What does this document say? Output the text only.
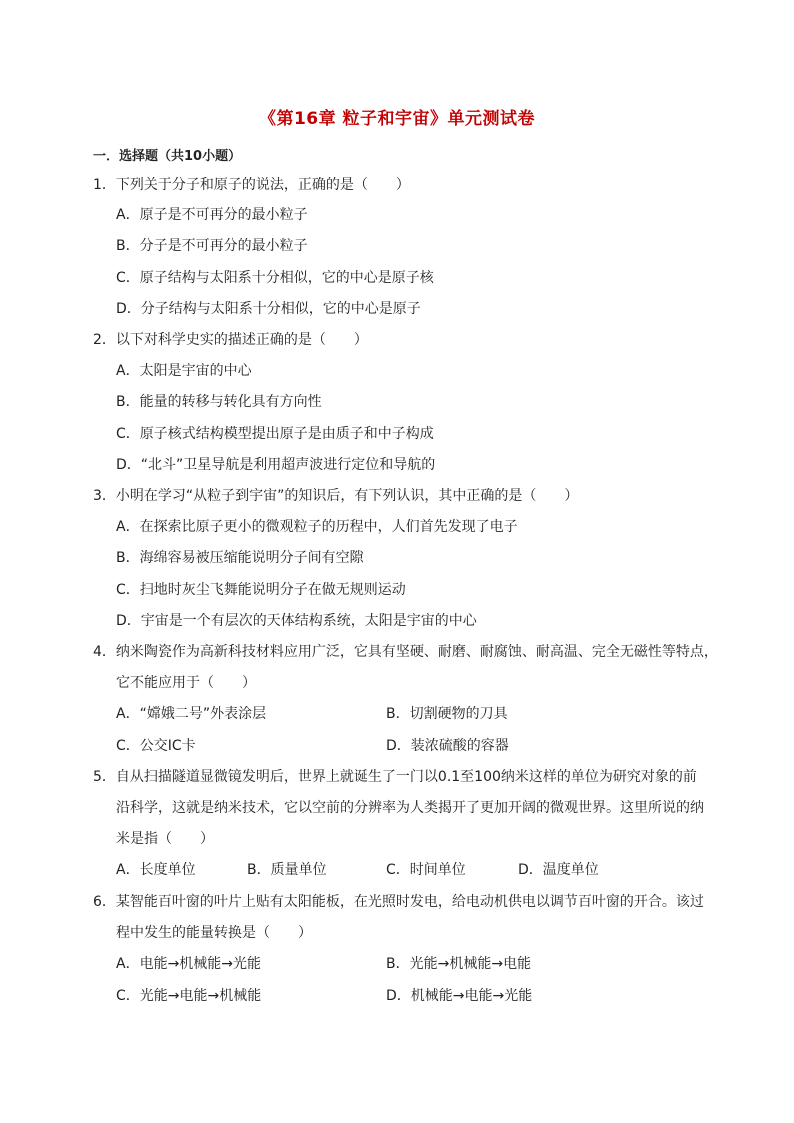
《第16章 粒子和宇宙》单元测试卷
一．选择题（共10小题）
1．下列关于分子和原子的说法，正确的是（　　）
A．原子是不可再分的最小粒子
B．分子是不可再分的最小粒子
C．原子结构与太阳系十分相似，它的中心是原子核
D．分子结构与太阳系十分相似，它的中心是原子
2．以下对科学史实的描述正确的是（　　）
A．太阳是宇宙的中心
B．能量的转移与转化具有方向性
C．原子核式结构模型提出原子是由质子和中子构成
D．“北斗”卫星导航是利用超声波进行定位和导航的
3．小明在学习“从粒子到宇宙”的知识后，有下列认识，其中正确的是（　　）
A．在探索比原子更小的微观粒子的历程中，人们首先发现了电子
B．海绵容易被压缩能说明分子间有空隙
C．扫地时灰尘飞舞能说明分子在做无规则运动
D．宇宙是一个有层次的天体结构系统，太阳是宇宙的中心
4．纳米陶瓷作为高新科技材料应用广泛，它具有坚硬、耐磨、耐腐蚀、耐高温、完全无磁性等特点，
它不能应用于（　　）
A．“嫦娥二号”外表涂层	B．切割硬物的刀具
C．公交IC卡	D．装浓硫酸的容器
5．自从扫描隧道显微镜发明后，世界上就诞生了一门以0.1至100纳米这样的单位为研究对象的前
沿科学，这就是纳米技术，它以空前的分辨率为人类揭开了更加开阔的微观世界。这里所说的纳
米是指（　　）
A．长度单位	B．质量单位	C．时间单位	D．温度单位
6．某智能百叶窗的叶片上贴有太阳能板，在光照时发电，给电动机供电以调节百叶窗的开合。该过
程中发生的能量转换是（　　）
A．电能→机械能→光能	B．光能→机械能→电能
C．光能→电能→机械能	D．机械能→电能→光能
